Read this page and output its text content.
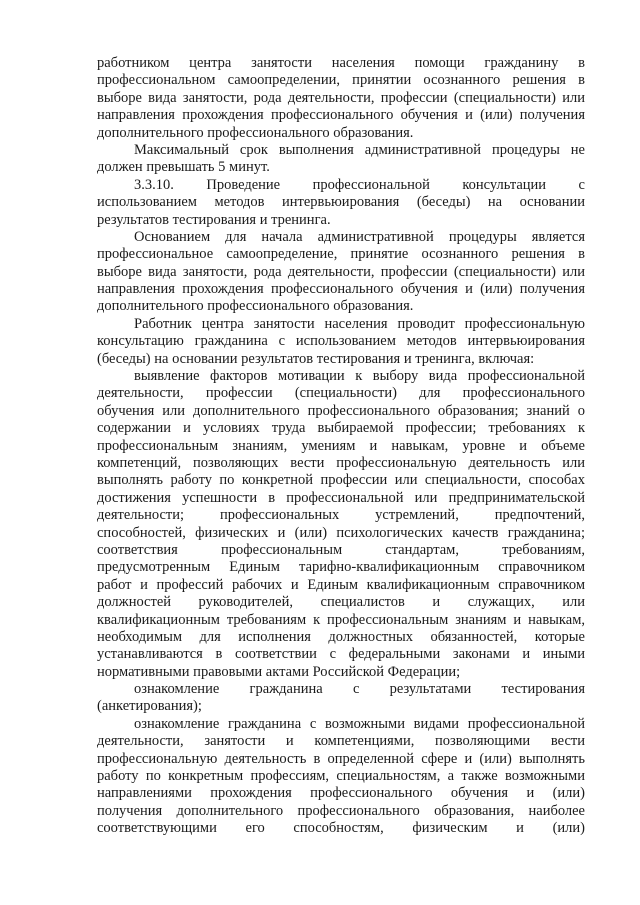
работником центра занятости населения помощи гражданину в
профессиональном самоопределении, принятии осознанного решения в
выборе вида занятости, рода деятельности, профессии (специальности) или
направления прохождения профессионального обучения и (или) получения
дополнительного профессионального образования.
Максимальный срок выполнения административной процедуры не
должен превышать 5 минут.
3.3.10. Проведение профессиональной консультации с
использованием методов интервьюирования (беседы) на основании
результатов тестирования и тренинга.
Основанием для начала административной процедуры является
профессиональное самоопределение, принятие осознанного решения в
выборе вида занятости, рода деятельности, профессии (специальности) или
направления прохождения профессионального обучения и (или) получения
дополнительного профессионального образования.
Работник центра занятости населения проводит профессиональную
консультацию гражданина с использованием методов интервьюирования
(беседы) на основании результатов тестирования и тренинга, включая:
выявление факторов мотивации к выбору вида профессиональной
деятельности, профессии (специальности) для профессионального
обучения или дополнительного профессионального образования; знаний о
содержании и условиях труда выбираемой профессии; требованиях к
профессиональным знаниям, умениям и навыкам, уровне и объеме
компетенций, позволяющих вести профессиональную деятельность или
выполнять работу по конкретной профессии или специальности, способах
достижения успешности в профессиональной или предпринимательской
деятельности; профессиональных устремлений, предпочтений,
способностей, физических и (или) психологических качеств гражданина;
соответствия профессиональным стандартам, требованиям,
предусмотренным Единым тарифно-квалификационным справочником
работ и профессий рабочих и Единым квалификационным справочником
должностей руководителей, специалистов и служащих, или
квалификационным требованиям к профессиональным знаниям и навыкам,
необходимым для исполнения должностных обязанностей, которые
устанавливаются в соответствии с федеральными законами и иными
нормативными правовыми актами Российской Федерации;
ознакомление гражданина с результатами тестирования
(анкетирования);
ознакомление гражданина с возможными видами профессиональной
деятельности, занятости и компетенциями, позволяющими вести
профессиональную деятельность в определенной сфере и (или) выполнять
работу по конкретным профессиям, специальностям, а также возможными
направлениями прохождения профессионального обучения и (или)
получения дополнительного профессионального образования, наиболее
соответствующими его способностям, физическим и (или)
